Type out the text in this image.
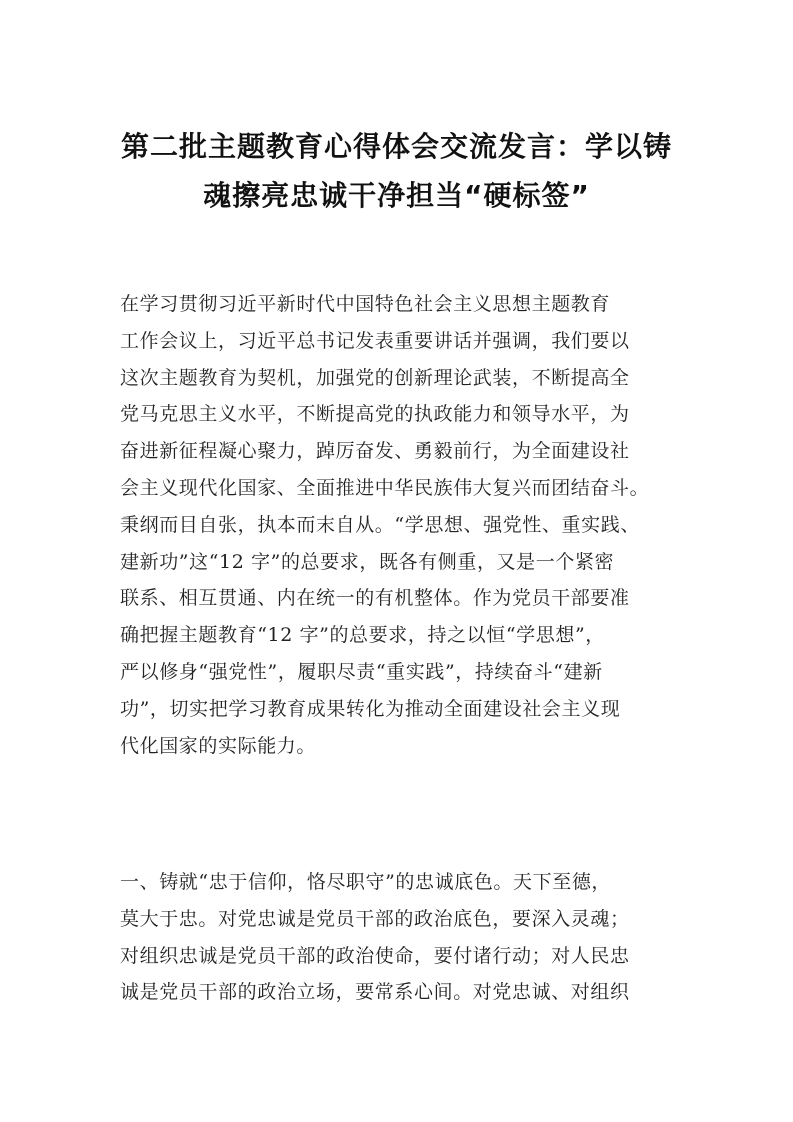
第二批主题教育心得体会交流发言：学以铸
魂擦亮忠诚干净担当“硬标签”
在学习贯彻习近平新时代中国特色社会主义思想主题教育
工作会议上，习近平总书记发表重要讲话并强调，我们要以
这次主题教育为契机，加强党的创新理论武装，不断提高全
党马克思主义水平，不断提高党的执政能力和领导水平，为
奋进新征程凝心聚力，踔厉奋发、勇毅前行，为全面建设社
会主义现代化国家、全面推进中华民族伟大复兴而团结奋斗。
秉纲而目自张，执本而末自从。“学思想、强党性、重实践、
建新功”这“12 字”的总要求，既各有侧重，又是一个紧密
联系、相互贯通、内在统一的有机整体。作为党员干部要准
确把握主题教育“12 字”的总要求，持之以恒“学思想”，
严以修身“强党性”，履职尽责“重实践”，持续奋斗“建新
功”，切实把学习教育成果转化为推动全面建设社会主义现
代化国家的实际能力。
一、铸就“忠于信仰，恪尽职守”的忠诚底色。天下至德，
莫大于忠。对党忠诚是党员干部的政治底色，要深入灵魂；
对组织忠诚是党员干部的政治使命，要付诸行动；对人民忠
诚是党员干部的政治立场，要常系心间。对党忠诚、对组织
